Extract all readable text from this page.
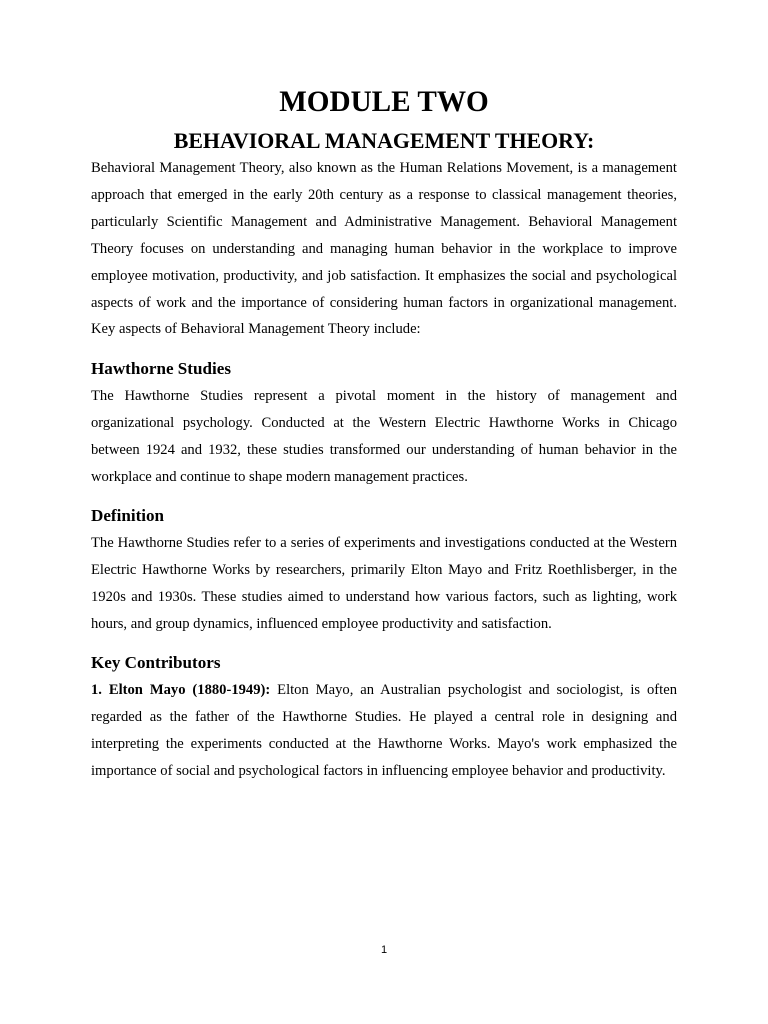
MODULE TWO
BEHAVIORAL MANAGEMENT THEORY:

Behavioral Management Theory, also known as the Human Relations Movement, is a management approach that emerged in the early 20th century as a response to classical management theories, particularly Scientific Management and Administrative Management. Behavioral Management Theory focuses on understanding and managing human behavior in the workplace to improve employee motivation, productivity, and job satisfaction. It emphasizes the social and psychological aspects of work and the importance of considering human factors in organizational management. Key aspects of Behavioral Management Theory include:

Hawthorne Studies

The Hawthorne Studies represent a pivotal moment in the history of management and organizational psychology. Conducted at the Western Electric Hawthorne Works in Chicago between 1924 and 1932, these studies transformed our understanding of human behavior in the workplace and continue to shape modern management practices.

Definition

The Hawthorne Studies refer to a series of experiments and investigations conducted at the Western Electric Hawthorne Works by researchers, primarily Elton Mayo and Fritz Roethlisberger, in the 1920s and 1930s. These studies aimed to understand how various factors, such as lighting, work hours, and group dynamics, influenced employee productivity and satisfaction.

Key Contributors

1. Elton Mayo (1880-1949): Elton Mayo, an Australian psychologist and sociologist, is often regarded as the father of the Hawthorne Studies. He played a central role in designing and interpreting the experiments conducted at the Hawthorne Works. Mayo's work emphasized the importance of social and psychological factors in influencing employee behavior and productivity.

1
